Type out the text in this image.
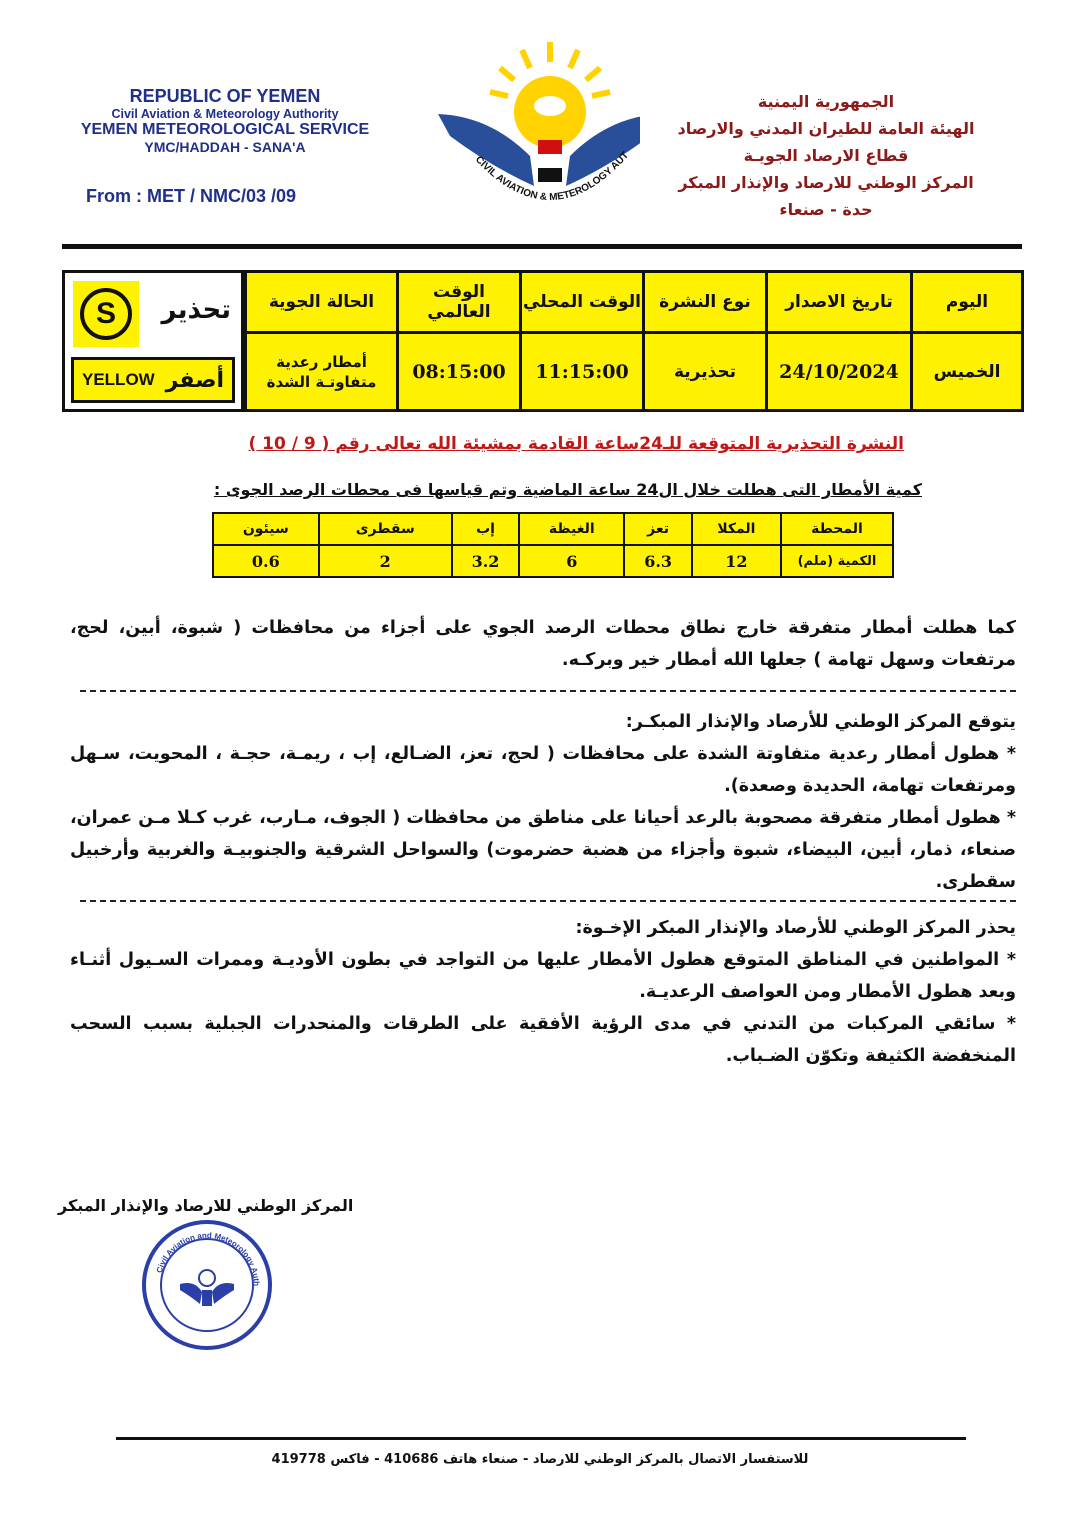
REPUBLIC OF YEMEN
Civil Aviation & Meteorology Authority
YEMEN METEOROLOGICAL SERVICE
YMC/HADDAH - SANA'A
From : MET / NMC/03 /09
CIVIL AVIATION & METEROLOGY AUT
الجمهورية اليمنية
الهيئة العامة للطيران المدني والارصاد
قطاع الارصاد الجويـة
المركز الوطني للارصاد والإنذار المبكر
حدة - صنعاء
S	تحذير
YELLOW أصفر
اليوم	تاريخ الاصدار	نوع النشرة	الوقت المحلي	الوقت العالمي	الحالة الجوية
الخميس	24/10/2024	تحذيرية	11:15:00	08:15:00	أمطار رعدية متفاوتـة الشدة
النشرة التحذيرية المتوقعة للـ24ساعة القادمة بمشيئة الله تعالى رقم ( 9 / 10 )
كمية الأمطار التى هطلت خلال ال24 ساعة الماضية وتم قياسها فى محطات الرصد الجوى :
المحطة	المكلا	تعز	الغيظة	إب	سقطرى	سيئون
الكمية (ملم)	12	6.3	6	3.2	2	0.6
كما هطلت أمطار متفرقة خارج نطاق محطات الرصد الجوي على أجزاء من محافظات ( شبوة، أبين، لحج، مرتفعات وسهل تهامة ) جعلها الله أمطار خير وبركـه.
يتوقع المركز الوطني للأرصاد والإنذار المبكـر:
* هطول أمطار رعدية متفاوتة الشدة على محافظات ( لحج، تعز، الضـالع، إب ، ريمـة، حجـة ، المحويت، سـهل ومرتفعات تهامة، الحديدة وصعدة).
* هطول أمطار متفرقة مصحوبة بالرعد أحيانا على مناطق من محافظات ( الجوف، مـارب، غرب كـلا مـن عمران، صنعاء، ذمار، أبين، البيضاء، شبوة وأجزاء من هضبة حضرموت) والسواحل الشرقية والجنوبيـة والغربية وأرخبيل سقطرى.
يحذر المركز الوطني للأرصاد والإنذار المبكر الإخـوة:
* المواطنين في المناطق المتوقع هطول الأمطار عليها من التواجد في بطون الأوديـة وممرات السـيول أثنـاء وبعد هطول الأمطار ومن العواصف الرعديـة.
* سائقي المركبات من التدني في مدى الرؤية الأفقية على الطرقات والمنحدرات الجبلية بسبب السحب المنخفضة الكثيفة وتكوّن الضـباب.
المركز الوطني للارصاد والإنذار المبكر
Civil Aviation and Meteorology Auth
للاستفسار الاتصال بالمركز الوطني للارصاد - صنعاء هاتف 410686 - فاكس 419778
